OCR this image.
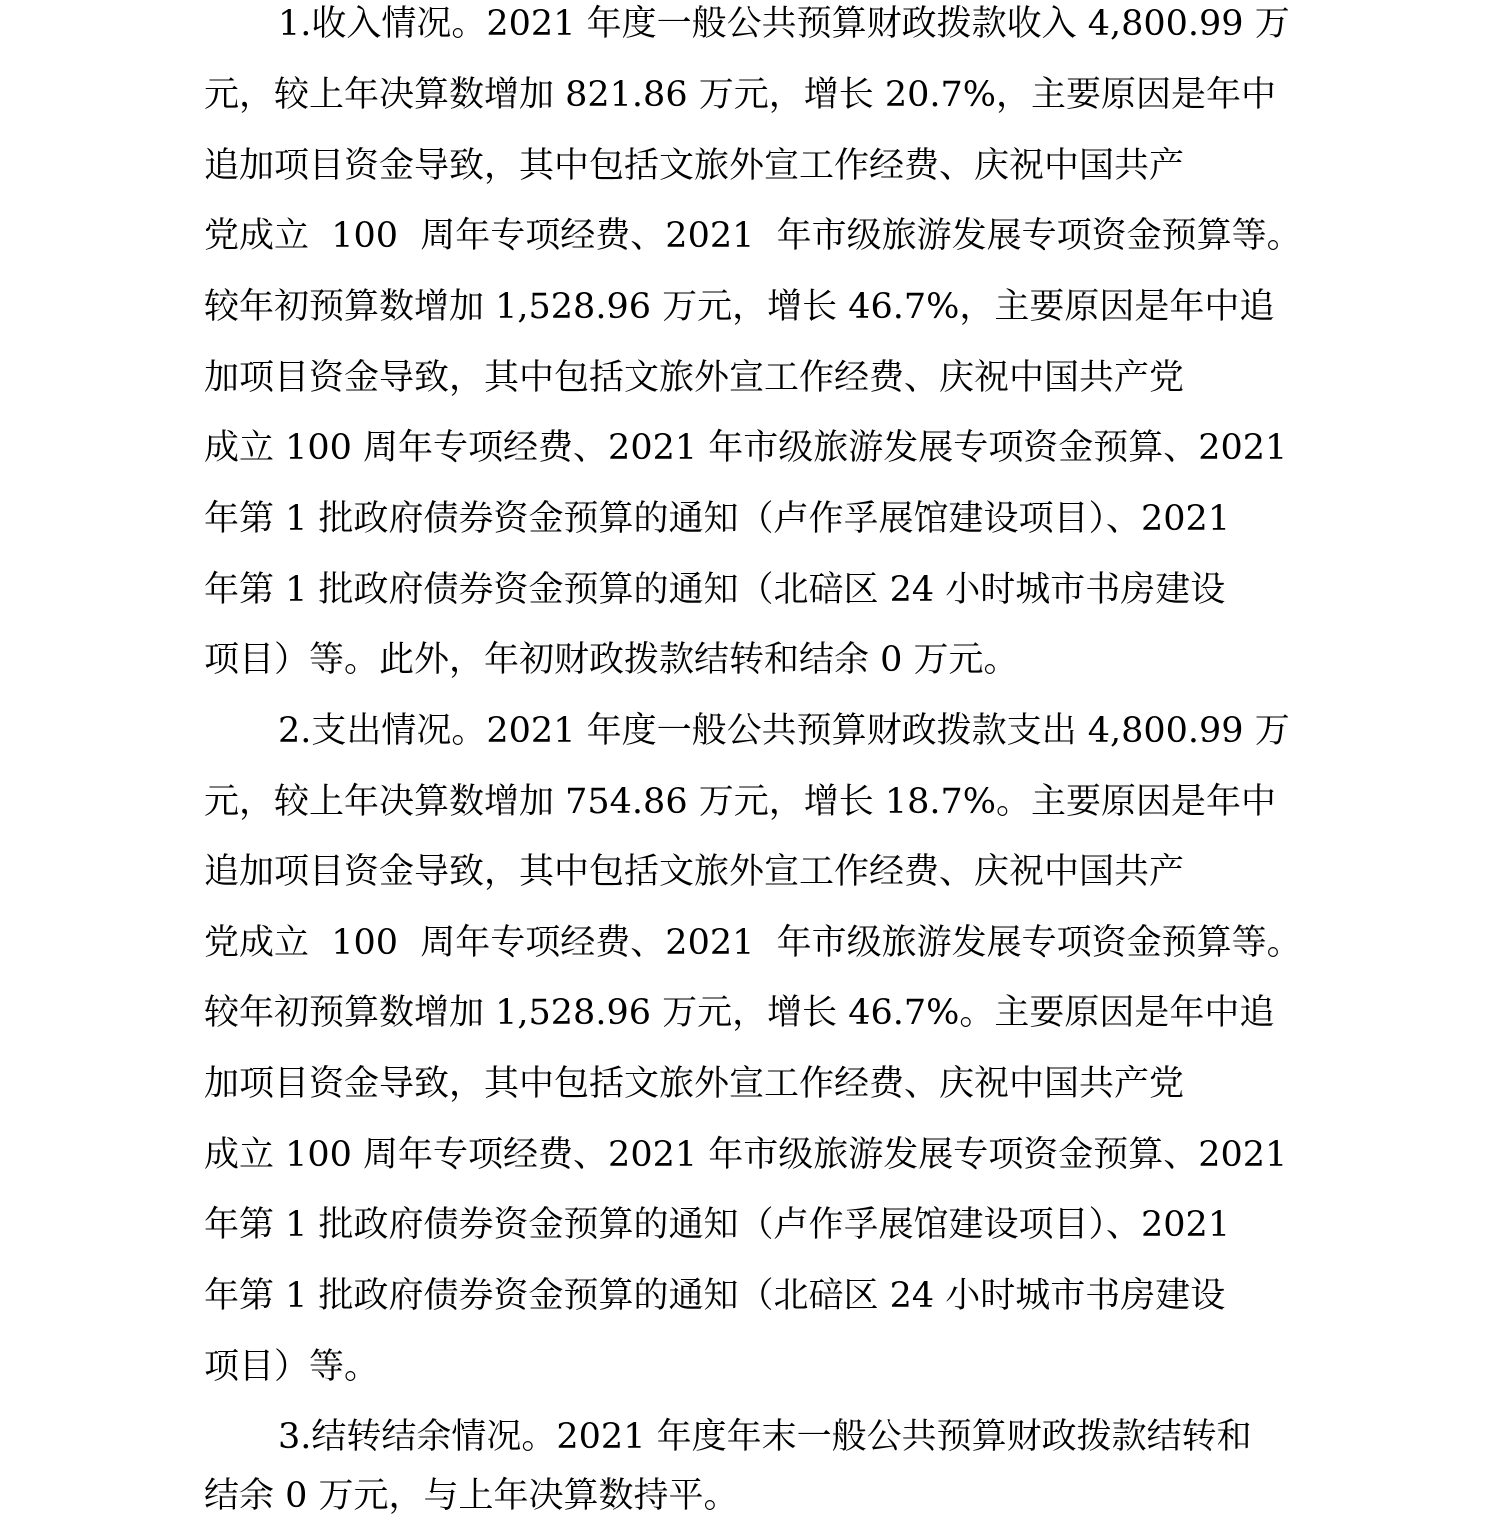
1.收入情况。2021 年度一般公共预算财政拨款收入 4,800.99 万
元，较上年决算数增加 821.86 万元，增长 20.7%，主要原因是年中
追加项目资金导致，其中包括文旅外宣工作经费、庆祝中国共产
党成立  100  周年专项经费、2021  年市级旅游发展专项资金预算等。
较年初预算数增加 1,528.96 万元，增长 46.7%，主要原因是年中追
加项目资金导致，其中包括文旅外宣工作经费、庆祝中国共产党
成立 100 周年专项经费、2021 年市级旅游发展专项资金预算、2021
年第 1 批政府债券资金预算的通知（卢作孚展馆建设项目）、2021
年第 1 批政府债券资金预算的通知（北碚区 24 小时城市书房建设
项目）等。此外，年初财政拨款结转和结余 0 万元。
2.支出情况。2021 年度一般公共预算财政拨款支出 4,800.99 万
元，较上年决算数增加 754.86 万元，增长 18.7%。主要原因是年中
追加项目资金导致，其中包括文旅外宣工作经费、庆祝中国共产
党成立  100  周年专项经费、2021  年市级旅游发展专项资金预算等。
较年初预算数增加 1,528.96 万元，增长 46.7%。主要原因是年中追
加项目资金导致，其中包括文旅外宣工作经费、庆祝中国共产党
成立 100 周年专项经费、2021 年市级旅游发展专项资金预算、2021
年第 1 批政府债券资金预算的通知（卢作孚展馆建设项目）、2021
年第 1 批政府债券资金预算的通知（北碚区 24 小时城市书房建设
项目）等。
3.结转结余情况。2021 年度年末一般公共预算财政拨款结转和
结余 0 万元，与上年决算数持平。
